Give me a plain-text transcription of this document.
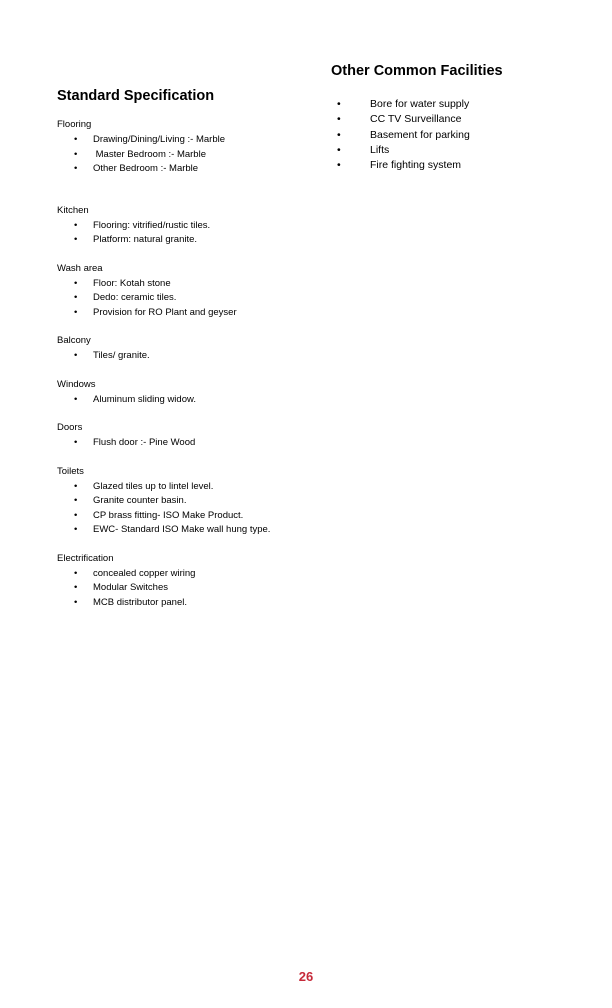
Standard Specification
Flooring
• Drawing/Dining/Living :- Marble
•  Master Bedroom :- Marble
• Other Bedroom :- Marble
Kitchen
• Flooring: vitrified/rustic tiles.
• Platform: natural granite.
Wash area
• Floor: Kotah stone
• Dedo: ceramic tiles.
• Provision for RO Plant and geyser
Balcony
• Tiles/ granite.
Windows
• Aluminum sliding widow.
Doors
• Flush door :- Pine Wood
Toilets
• Glazed tiles up to lintel level.
• Granite counter basin.
• CP brass fitting- ISO Make Product.
• EWC- Standard ISO Make wall hung type.
Electrification
• concealed copper wiring
• Modular Switches
• MCB distributor panel.
Other Common Facilities
• Bore for water supply
• CC TV Surveillance
• Basement for parking
• Lifts
• Fire fighting system
26
